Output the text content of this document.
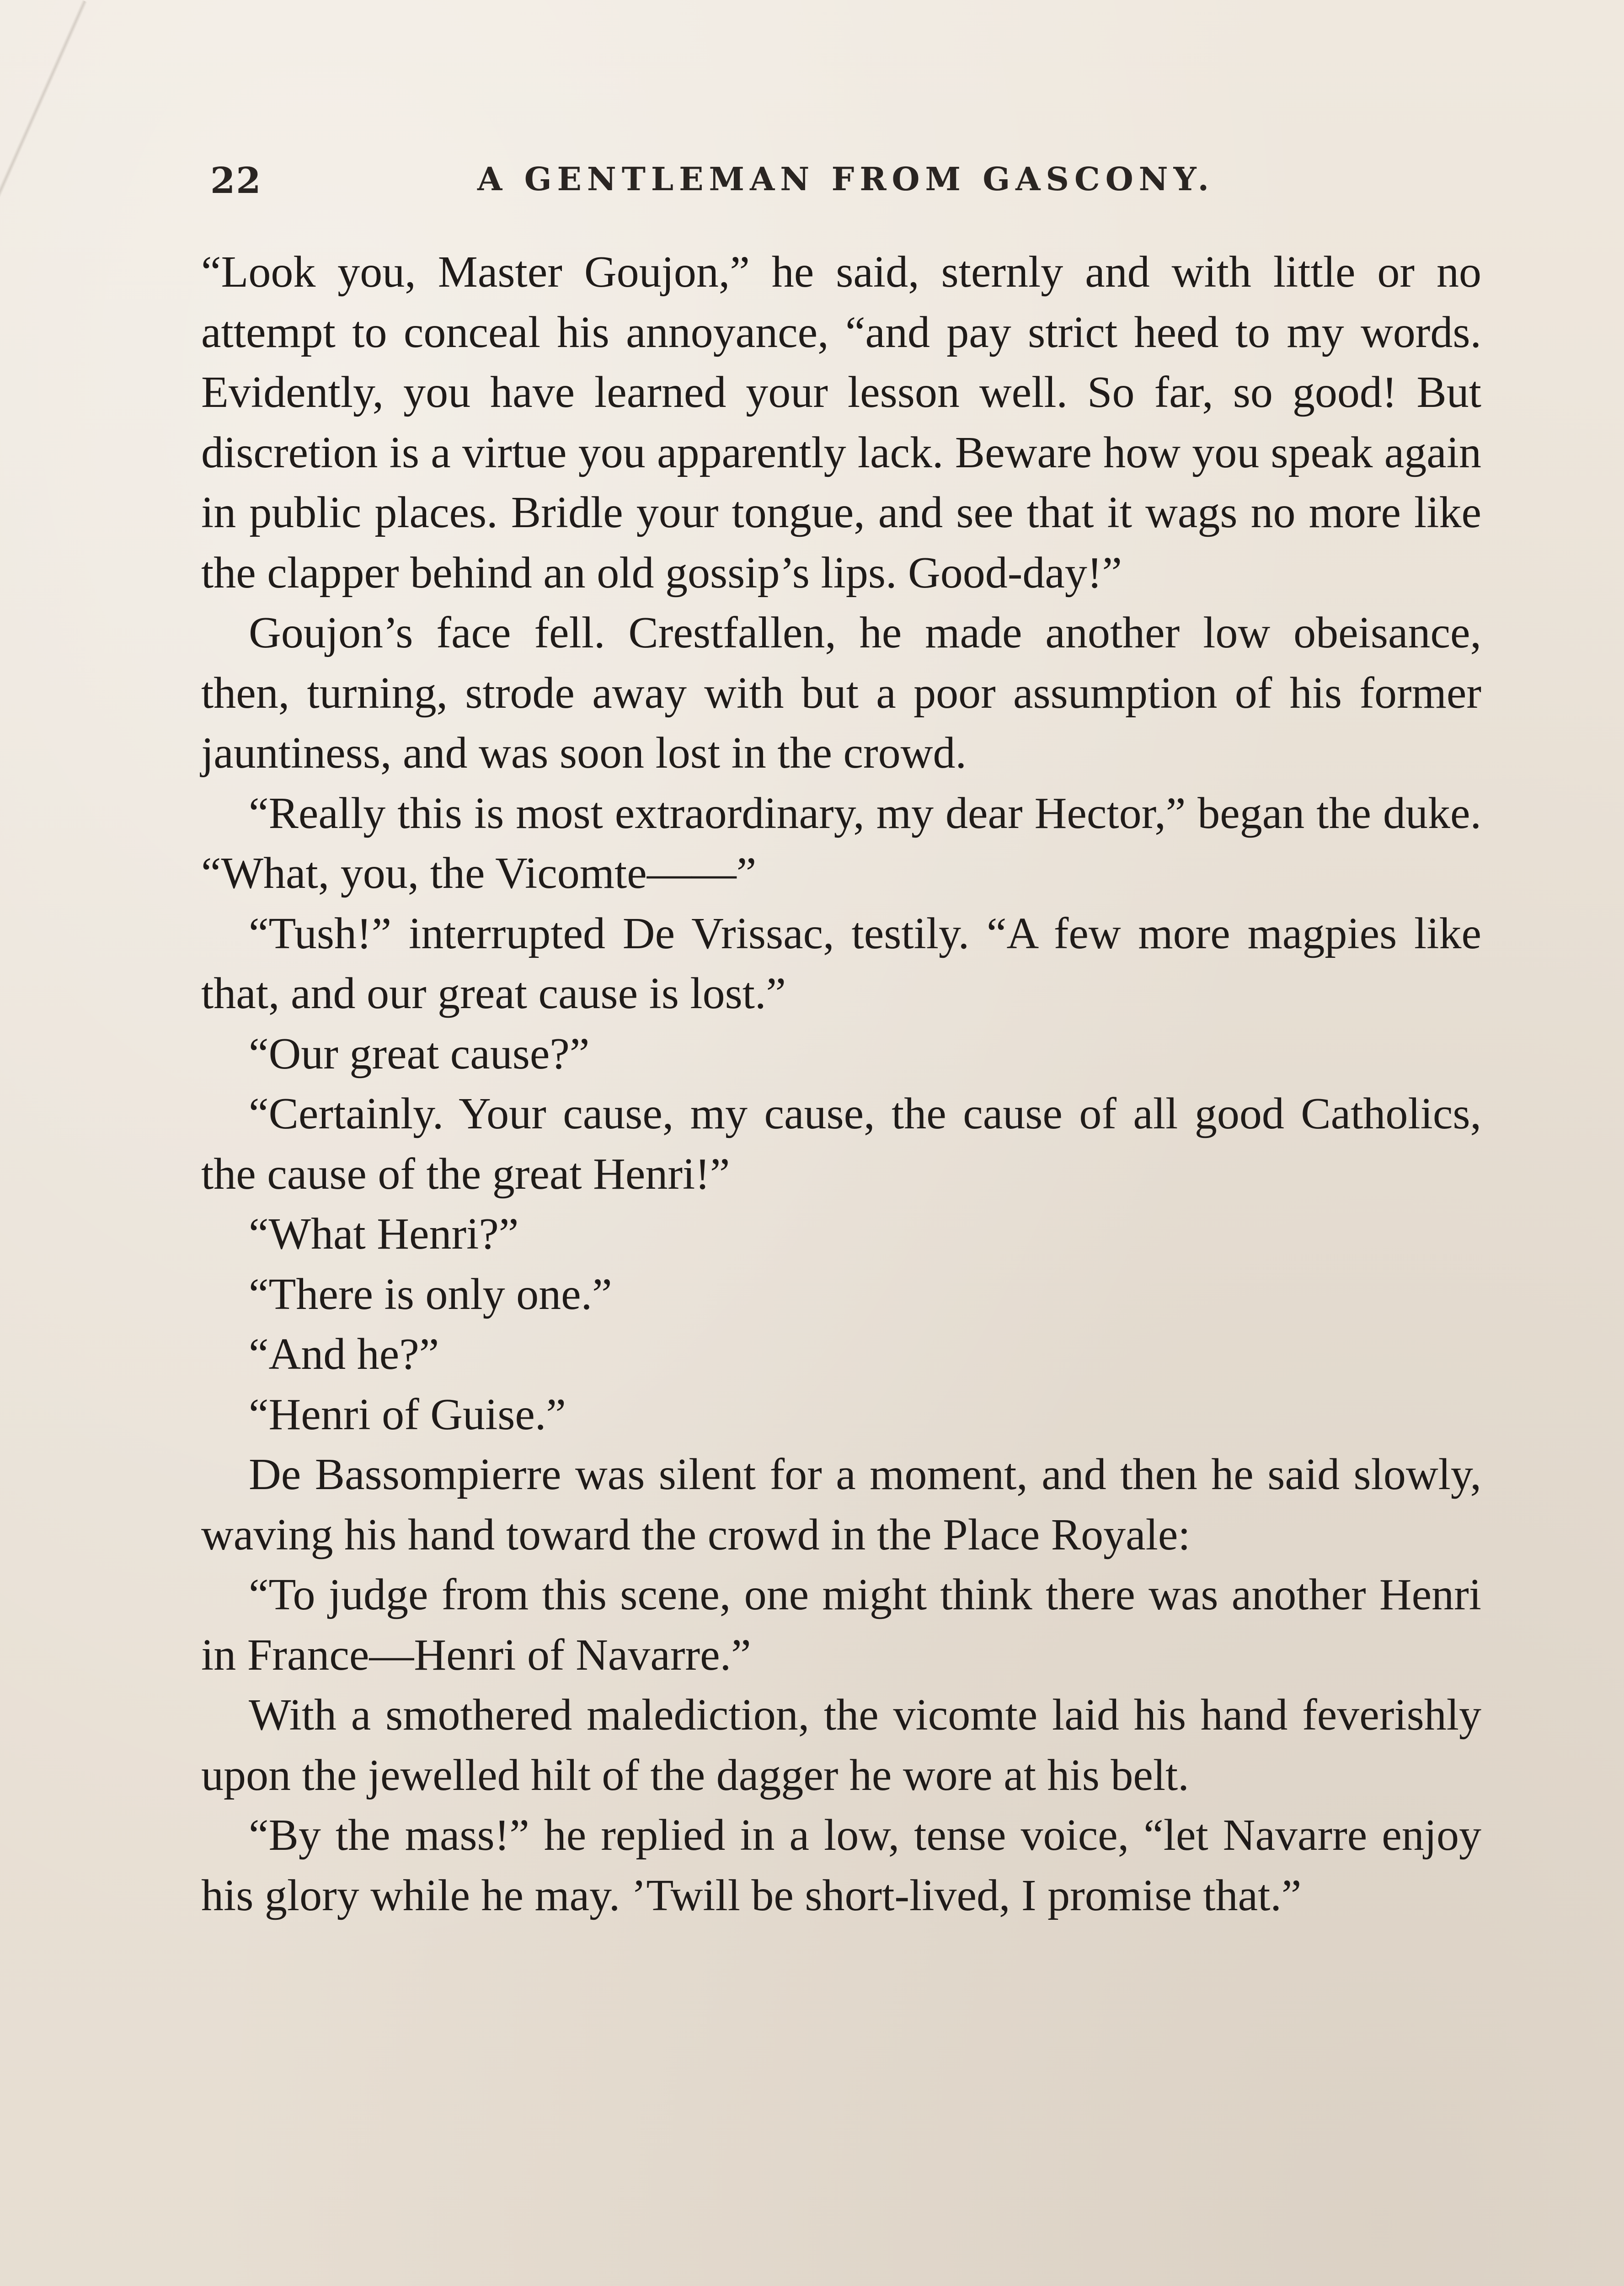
22	A GENTLEMAN FROM GASCONY.

“Look you, Master Goujon,” he said, sternly and with little or no attempt to conceal his annoyance, “and pay strict heed to my words. Evidently, you have learned your lesson well. So far, so good! But discretion is a virtue you apparently lack. Beware how you speak again in public places. Bridle your tongue, and see that it wags no more like the clapper behind an old gossip’s lips. Good-day!”

Goujon’s face fell. Crestfallen, he made another low obeisance, then, turning, strode away with but a poor assumption of his former jauntiness, and was soon lost in the crowd.

“Really this is most extraordinary, my dear Hector,” began the duke. “What, you, the Vicomte——”

“Tush!” interrupted De Vrissac, testily. “A few more magpies like that, and our great cause is lost.”

“Our great cause?”

“Certainly. Your cause, my cause, the cause of all good Catholics, the cause of the great Henri!”

“What Henri?”

“There is only one.”

“And he?”

“Henri of Guise.”

De Bassompierre was silent for a moment, and then he said slowly, waving his hand toward the crowd in the Place Royale:

“To judge from this scene, one might think there was another Henri in France—Henri of Navarre.”

With a smothered malediction, the vicomte laid his hand feverishly upon the jewelled hilt of the dagger he wore at his belt.

“By the mass!” he replied in a low, tense voice, “let Navarre enjoy his glory while he may. ’Twill be short-lived, I promise that.”
